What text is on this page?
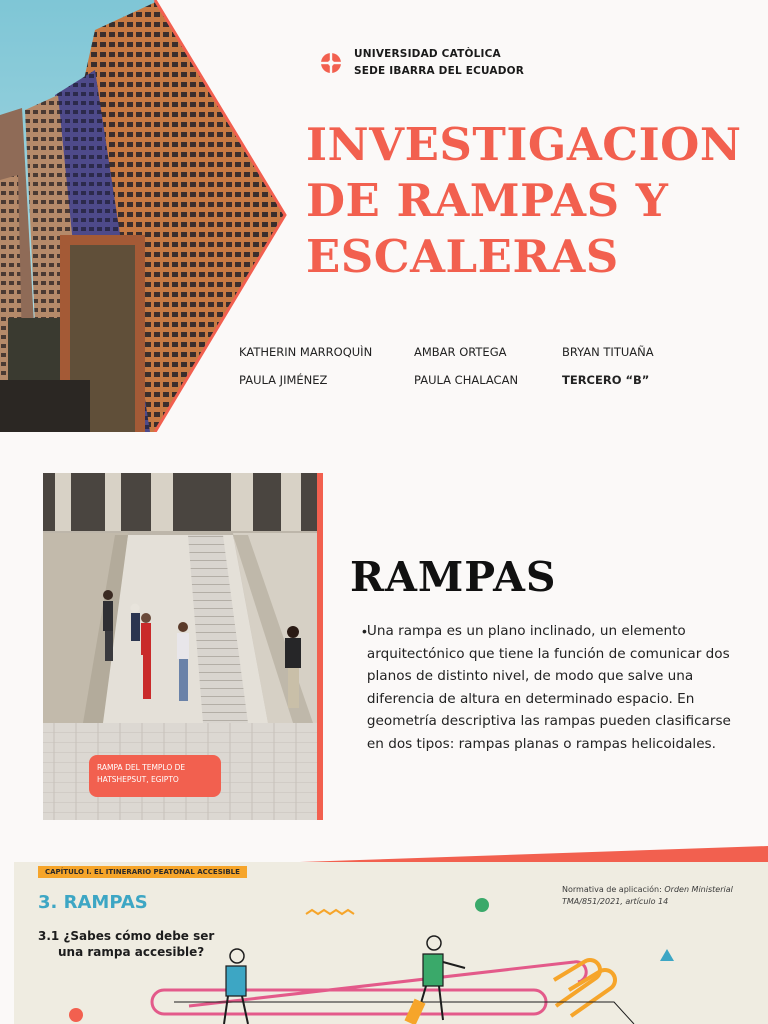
UNIVERSIDAD CATÒLICA
SEDE IBARRA DEL ECUADOR
INVESTIGACION
DE RAMPAS Y
ESCALERAS
KATHERIN MARROQUÌN	AMBAR ORTEGA	BRYAN TITUAÑA
PAULA JIMÉNEZ	PAULA CHALACAN	TERCERO “B”
RAMPA DEL TEMPLO DE HATSHEPSUT, EGIPTO
RAMPAS
• Una rampa es un plano inclinado, un elemento arquitectónico que tiene la función de comunicar dos planos de distinto nivel, de modo que salve una diferencia de altura en determinado espacio. En geometría descriptiva las rampas pueden clasificarse en dos tipos: rampas planas o rampas helicoidales.

CAPÍTULO I. EL ITINERARIO PEATONAL ACCESIBLE
3. RAMPAS
3.1 ¿Sabes cómo debe ser
una rampa accesible?
Normativa de aplicación: Orden Ministerial TMA/851/2021, artículo 14
